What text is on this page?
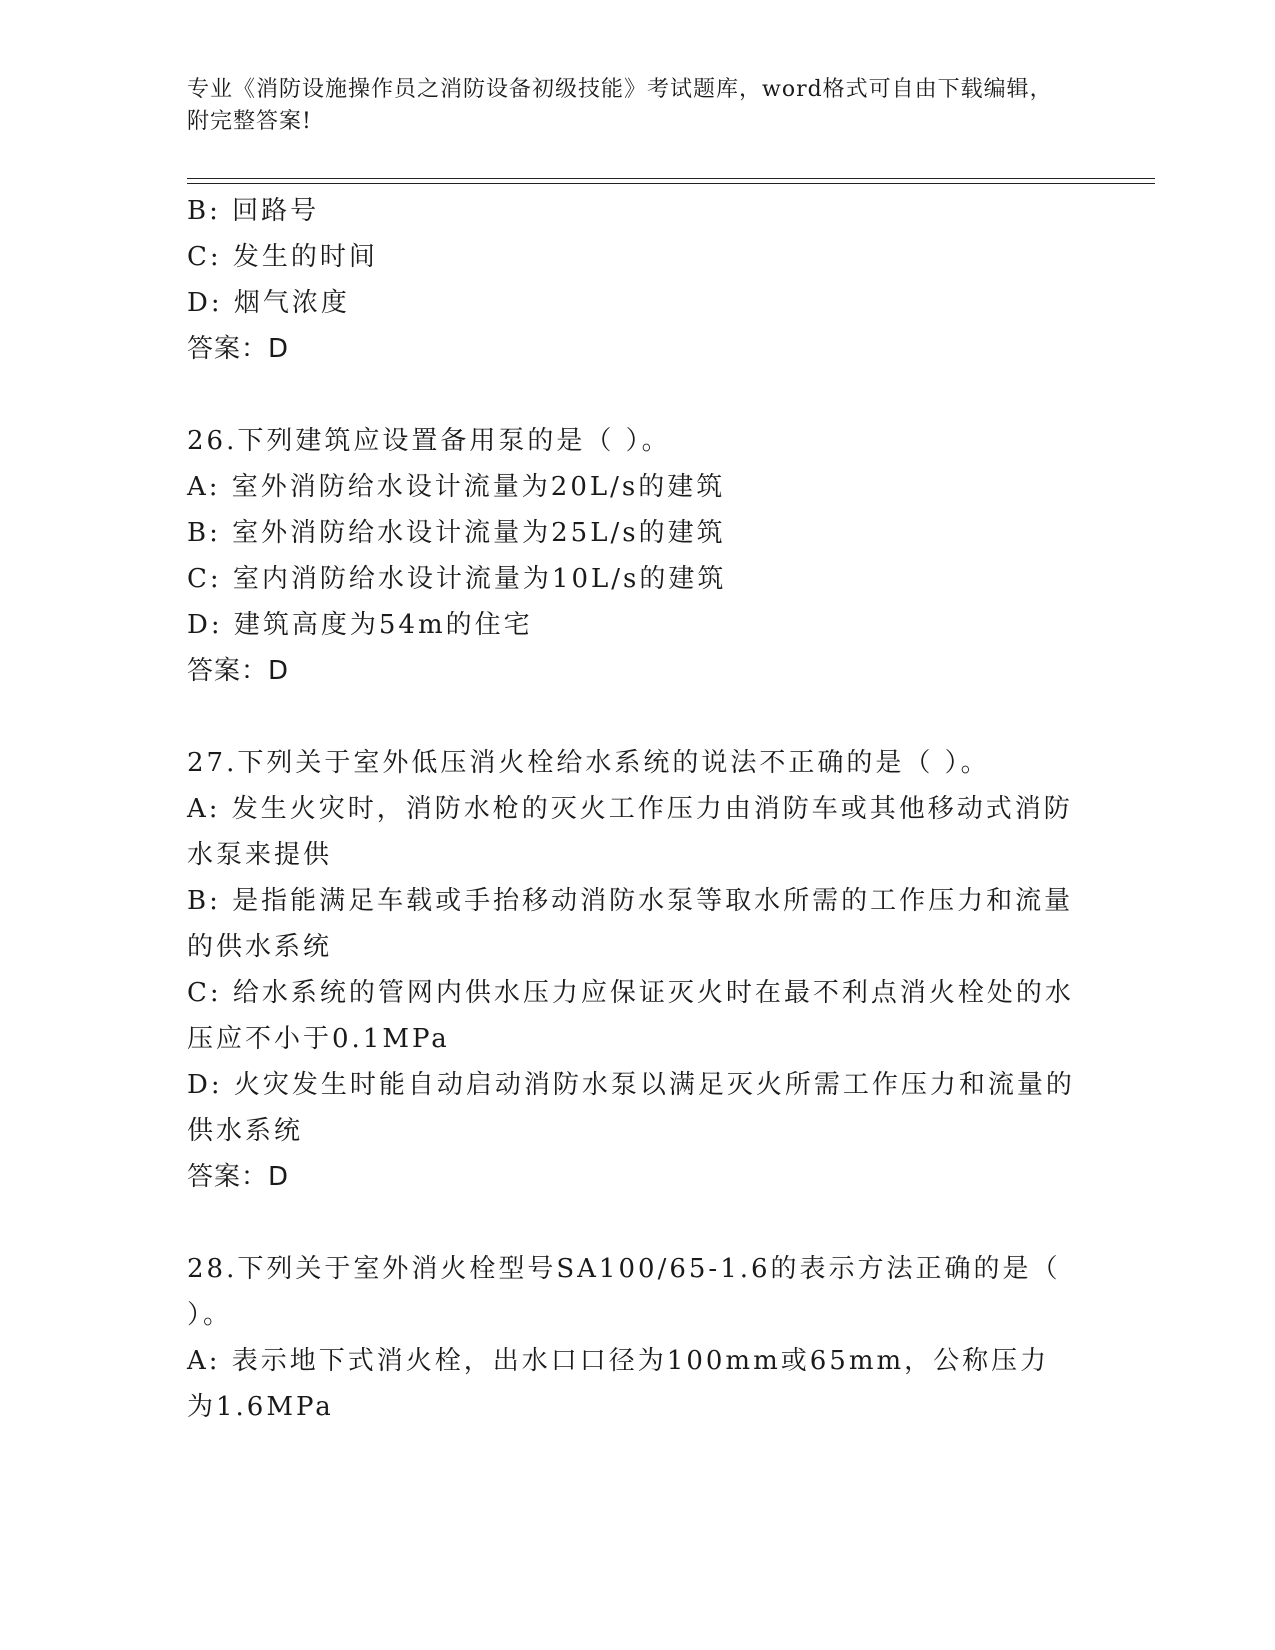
专业《消防设施操作员之消防设备初级技能》考试题库，word格式可自由下载编辑，附完整答案!
B: 回路号
C: 发生的时间
D: 烟气浓度
答案：D
26.下列建筑应设置备用泵的是（ ）。
A: 室外消防给水设计流量为20L/s的建筑
B: 室外消防给水设计流量为25L/s的建筑
C: 室内消防给水设计流量为10L/s的建筑
D: 建筑高度为54m的住宅
答案：D
27.下列关于室外低压消火栓给水系统的说法不正确的是（ ）。
A: 发生火灾时，消防水枪的灭火工作压力由消防车或其他移动式消防水泵来提供
B: 是指能满足车载或手抬移动消防水泵等取水所需的工作压力和流量的供水系统
C: 给水系统的管网内供水压力应保证灭火时在最不利点消火栓处的水压应不小于0.1MPa
D: 火灾发生时能自动启动消防水泵以满足灭火所需工作压力和流量的供水系统
答案：D
28.下列关于室外消火栓型号SA100/65-1.6的表示方法正确的是（ ）。
A: 表示地下式消火栓，出水口口径为100mm或65mm，公称压力为1.6MPa
